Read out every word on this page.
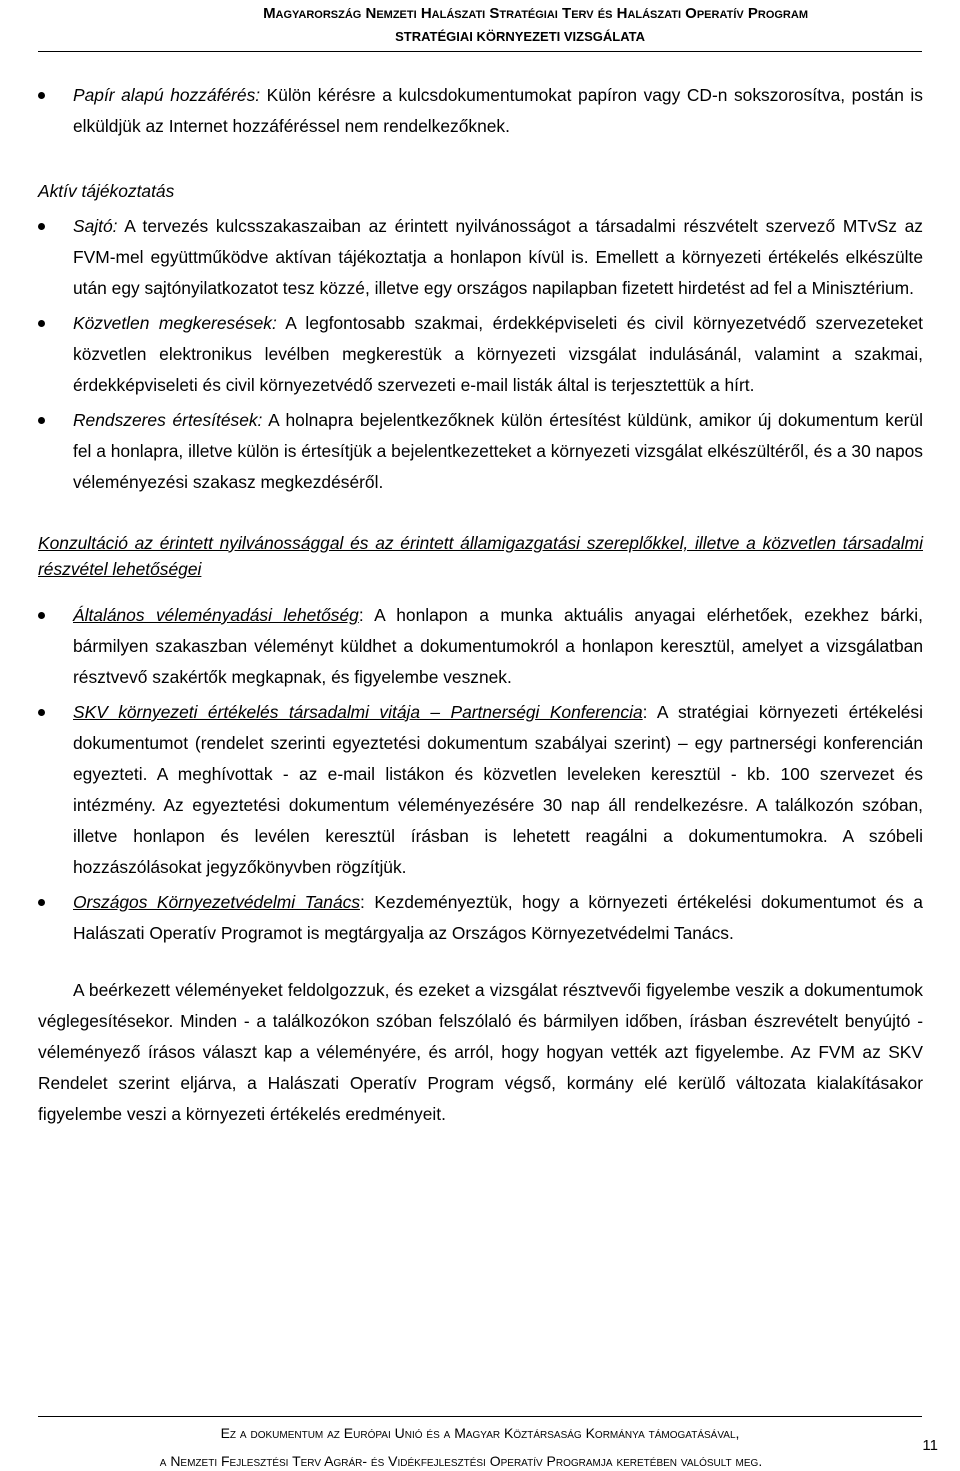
Magyarország Nemzeti Halászati Stratégiai Terv és Halászati Operatív Program
STRATÉGIAI KÖRNYEZETI VIZSGÁLATA
Papír alapú hozzáférés: Külön kérésre a kulcsdokumentumokat papíron vagy CD-n sokszorosítva, postán is elküldjük az Internet hozzáféréssel nem rendelkezőknek.

Aktív tájékoztatás

Sajtó: A tervezés kulcsszakaszaiban az érintett nyilvánosságot a társadalmi részvételt szervező MTvSz az FVM-mel együttműködve aktívan tájékoztatja a honlapon kívül is. Emellett a környezeti értékelés elkészülte után egy sajtónyilatkozatot tesz közzé, illetve egy országos napilapban fizetett hirdetést ad fel a Minisztérium.
Közvetlen megkeresések: A legfontosabb szakmai, érdekképviseleti és civil környezetvédő szervezeteket közvetlen elektronikus levélben megkerestük a környezeti vizsgálat indulásánál, valamint a szakmai, érdekképviseleti és civil környezetvédő szervezeti e-mail listák által is terjesztettük a hírt.
Rendszeres értesítések: A holnapra bejelentkezőknek külön értesítést küldünk, amikor új dokumentum kerül fel a honlapra, illetve külön is értesítjük a bejelentkezetteket a környezeti vizsgálat elkészültéről, és a 30 napos véleményezési szakasz megkezdéséről.

Konzultáció az érintett nyilvánossággal és az érintett államigazgatási szereplőkkel, illetve a közvetlen társadalmi részvétel lehetőségei

Általános véleményadási lehetőség: A honlapon a munka aktuális anyagai elérhetőek, ezekhez bárki, bármilyen szakaszban véleményt küldhet a dokumentumokról a honlapon keresztül, amelyet a vizsgálatban résztvevő szakértők megkapnak, és figyelembe vesznek.
SKV környezeti értékelés társadalmi vitája – Partnerségi Konferencia: A stratégiai környezeti értékelési dokumentumot (rendelet szerinti egyeztetési dokumentum szabályai szerint) – egy partnerségi konferencián egyezteti. A meghívottak - az e-mail listákon és közvetlen leveleken keresztül - kb. 100 szervezet és intézmény. Az egyeztetési dokumentum véleményezésére 30 nap áll rendelkezésre. A találkozón szóban, illetve honlapon és levélen keresztül írásban is lehetett reagálni a dokumentumokra. A szóbeli hozzászólásokat jegyzőkönyvben rögzítjük.
Országos Környezetvédelmi Tanács: Kezdeményeztük, hogy a környezeti értékelési dokumentumot és a Halászati Operatív Programot is megtárgyalja az Országos Környezetvédelmi Tanács.

A beérkezett véleményeket feldolgozzuk, és ezeket a vizsgálat résztvevői figyelembe veszik a dokumentumok véglegesítésekor. Minden - a találkozókon szóban felszólaló és bármilyen időben, írásban észrevételt benyújtó - véleményező írásos választ kap a véleményére, és arról, hogy hogyan vették azt figyelembe. Az FVM az SKV Rendelet szerint eljárva, a Halászati Operatív Program végső, kormány elé kerülő változata kialakításakor figyelembe veszi a környezeti értékelés eredményeit.

Ez a dokumentum az Európai Unió és a Magyar Köztársaság Kormánya támogatásával,
a Nemzeti Fejlesztési Terv Agrár- és Vidékfejlesztési Operatív Programja keretében valósult meg.
11
